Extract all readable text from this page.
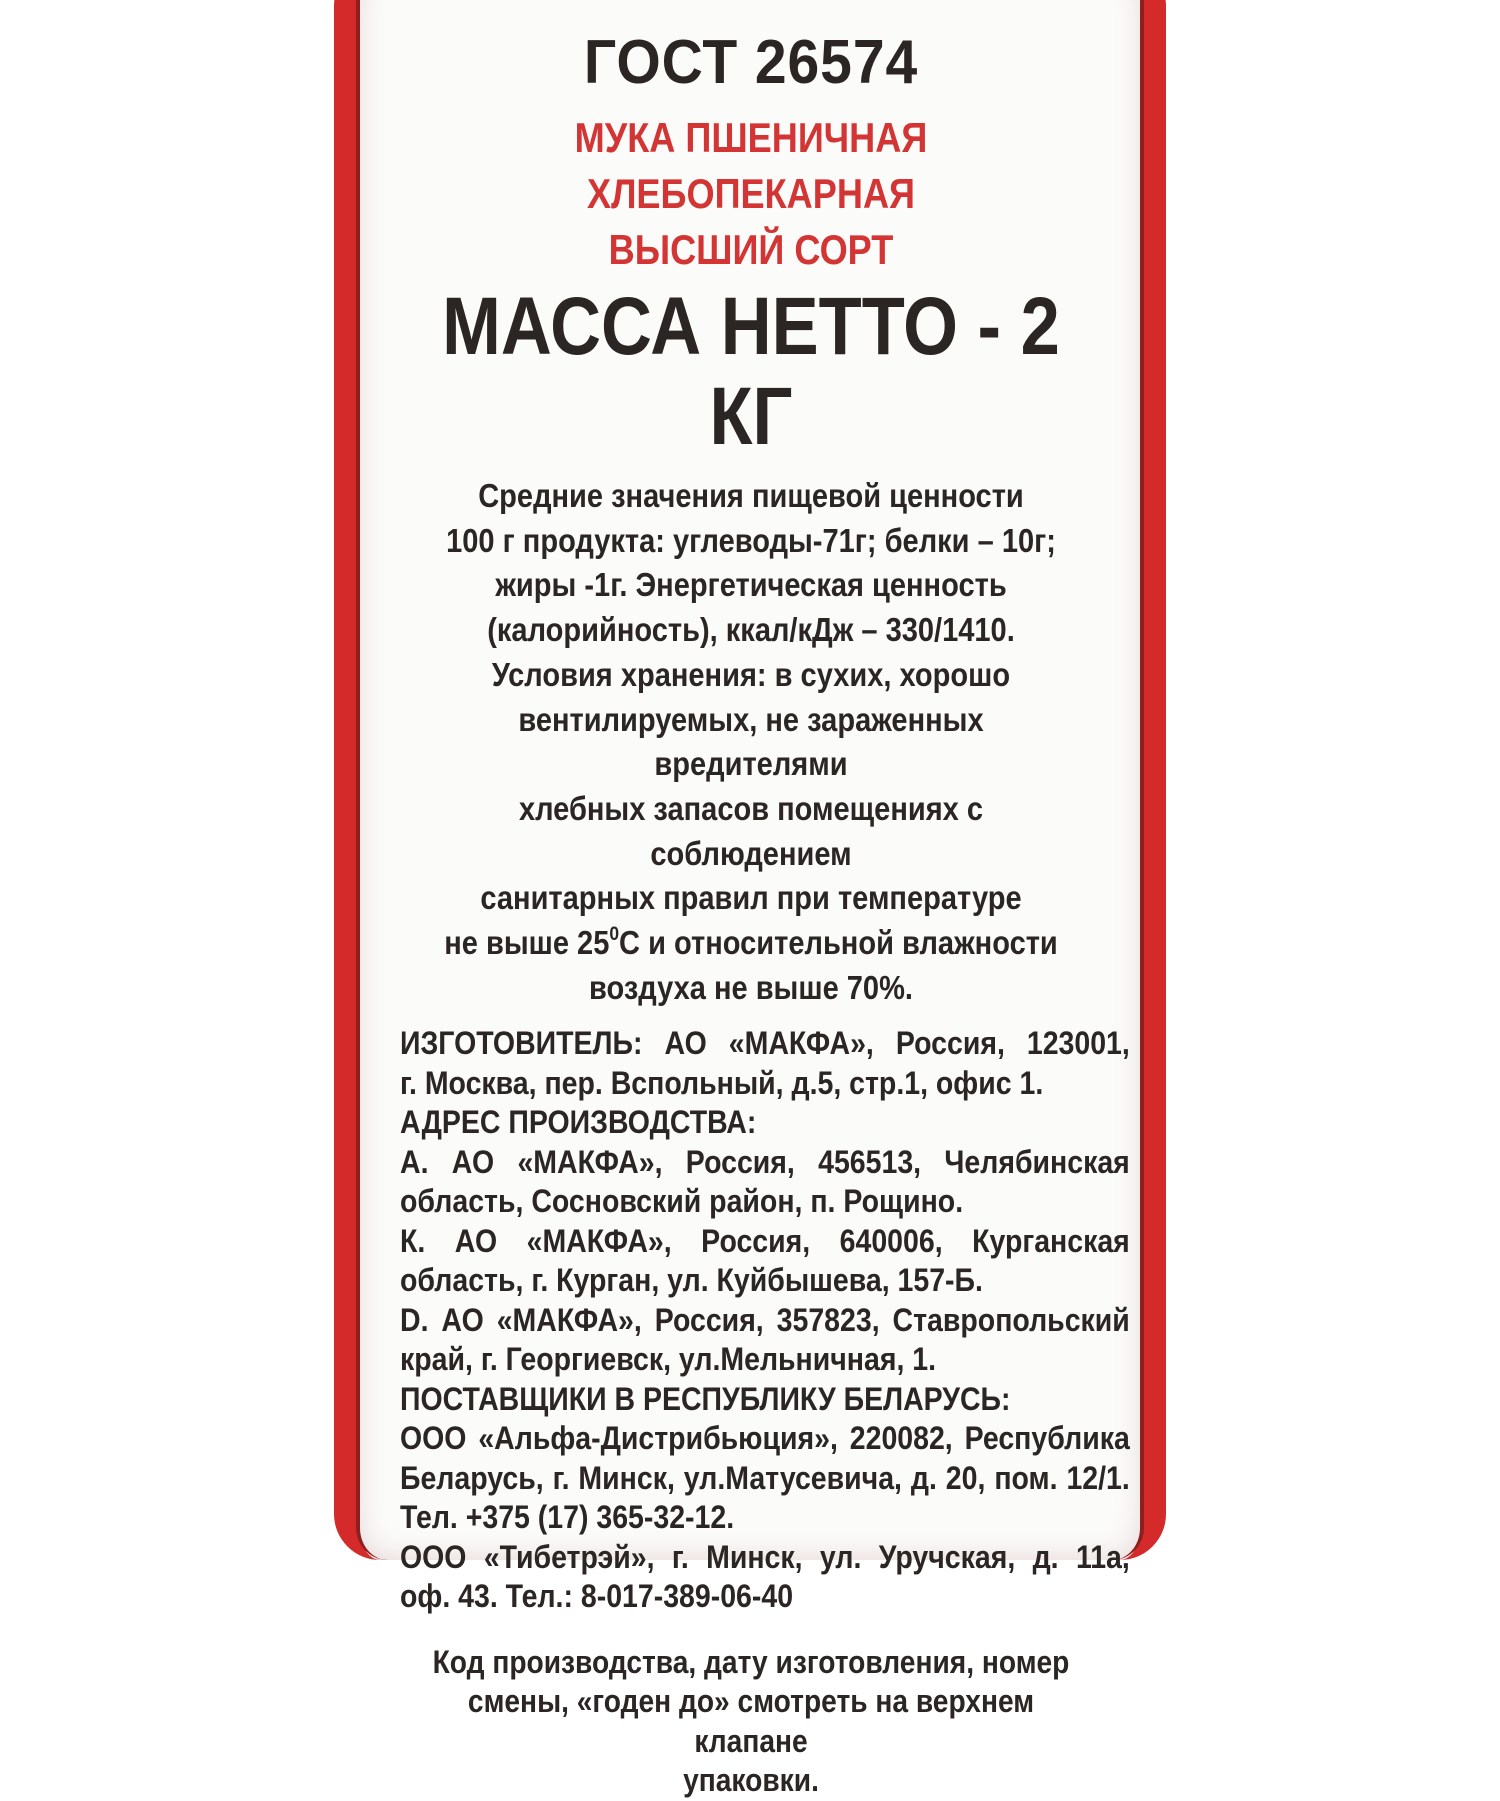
ГОСТ 26574
МУКА ПШЕНИЧНАЯ ХЛЕБОПЕКАРНАЯ
ВЫСШИЙ СОРТ
МАССА НЕТТО - 2 КГ
Средние значения пищевой ценности
100 г продукта: углеводы-71г; белки – 10г;
жиры -1г. Энергетическая ценность
(калорийность), ккал/кДж – 330/1410.
Условия хранения: в сухих, хорошо
вентилируемых, не зараженных вредителями
хлебных запасов помещениях с соблюдением
санитарных правил при температуре
не выше $25^0С$ и относительной влажности
воздуха не выше 70%.
ИЗГОТОВИТЕЛЬ: АО «МАКФА», Россия, 123001,
г. Москва, пер. Вспольный, д.5, стр.1, офис 1.
АДРЕС ПРОИЗВОДСТВА:
А. АО «МАКФА», Россия, 456513, Челябинская
область, Сосновский район, п. Рощино.
К. АО «МАКФА», Россия, 640006, Курганская
область, г. Курган, ул. Куйбышева, 157-Б.
D. АО «МАКФА», Россия, 357823, Ставропольский
край, г. Георгиевск, ул.Мельничная, 1.
ПОСТАВЩИКИ В РЕСПУБЛИКУ БЕЛАРУСЬ:
ООО «Альфа-Дистрибьюция», 220082, Республика
Беларусь, г. Минск, ул.Матусевича, д. 20, пом. 12/1.
Тел. +375 (17) 365-32-12.
ООО «Тибетрэй», г. Минск, ул. Уручская, д. 11а,
оф. 43. Тел.: 8-017-389-06-40
Код производства, дату изготовления, номер
смены, «годен до» смотреть на верхнем клапане
упаковки.
